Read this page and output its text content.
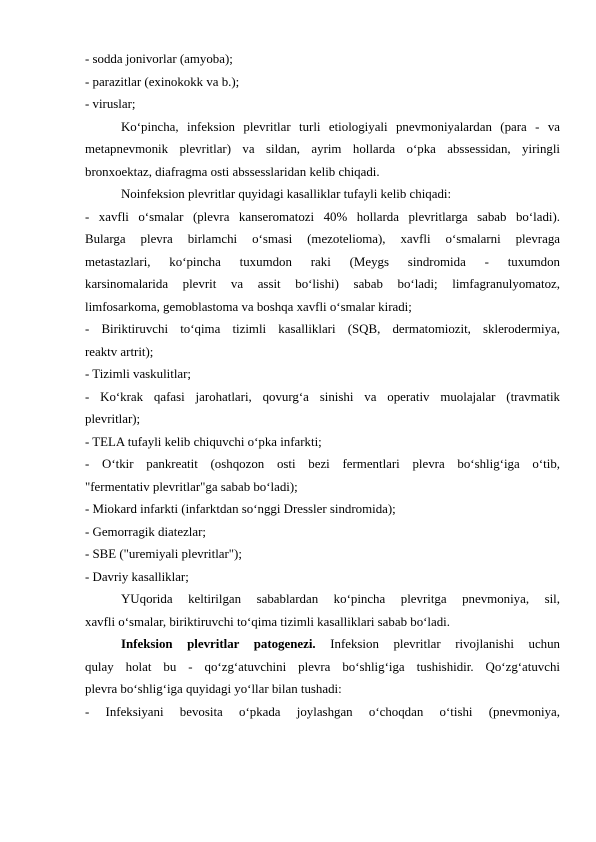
- sodda jonivorlar (amyoba);
- parazitlar (exinokokk va b.);
- viruslar;
Ko‘pincha, infeksion plevritlar turli etiologiyali pnevmoniyalardan (para - va
metapnevmonik plevritlar) va sildan, ayrim hollarda o‘pka abssessidan, yiringli
bronxoektaz, diafragma osti abssesslaridan kelib chiqadi.
Noinfeksion plevritlar quyidagi kasalliklar tufayli kelib chiqadi:
- xavfli o‘smalar (plevra kanseromatozi 40% hollarda plevritlarga sabab bo‘ladi).
Bularga plevra birlamchi o‘smasi (mezotelioma), xavfli o‘smalarni plevraga
metastazlari, ko‘pincha tuxumdon raki (Meygs sindromida - tuxumdon
karsinomalarida plevrit va assit bo‘lishi) sabab bo‘ladi; limfagranulyomatoz,
limfosarkoma, gemoblastoma va boshqa xavfli o‘smalar kiradi;
- Biriktiruvchi to‘qima tizimli kasalliklari (SQB, dermatomiozit, sklerodermiya,
reaktv artrit);
- Tizimli vaskulitlar;
- Ko‘krak qafasi jarohatlari, qovurg‘a sinishi va operativ muolajalar (travmatik
plevritlar);
- TELA tufayli kelib chiquvchi o‘pka infarkti;
- O‘tkir pankreatit (oshqozon osti bezi fermentlari plevra bo‘shlig‘iga o‘tib,
"fermentativ plevritlar"ga sabab bo‘ladi);
- Miokard infarkti (infarktdan so‘nggi Dressler sindromida);
- Gemorragik diatezlar;
- SBE ("uremiyali plevritlar");
- Davriy kasalliklar;
YUqorida keltirilgan sabablardan ko‘pincha plevritga pnevmoniya, sil,
xavfli o‘smalar, biriktiruvchi to‘qima tizimli kasalliklari sabab bo‘ladi.
Infeksion plevritlar patogenezi. Infeksion plevritlar rivojlanishi uchun
qulay holat bu - qo‘zg‘atuvchini plevra bo‘shlig‘iga tushishidir. Qo‘zg‘atuvchi
plevra bo‘shlig‘iga quyidagi yo‘llar bilan tushadi:
- Infeksiyani bevosita o‘pkada joylashgan o‘choqdan o‘tishi (pnevmoniya,
